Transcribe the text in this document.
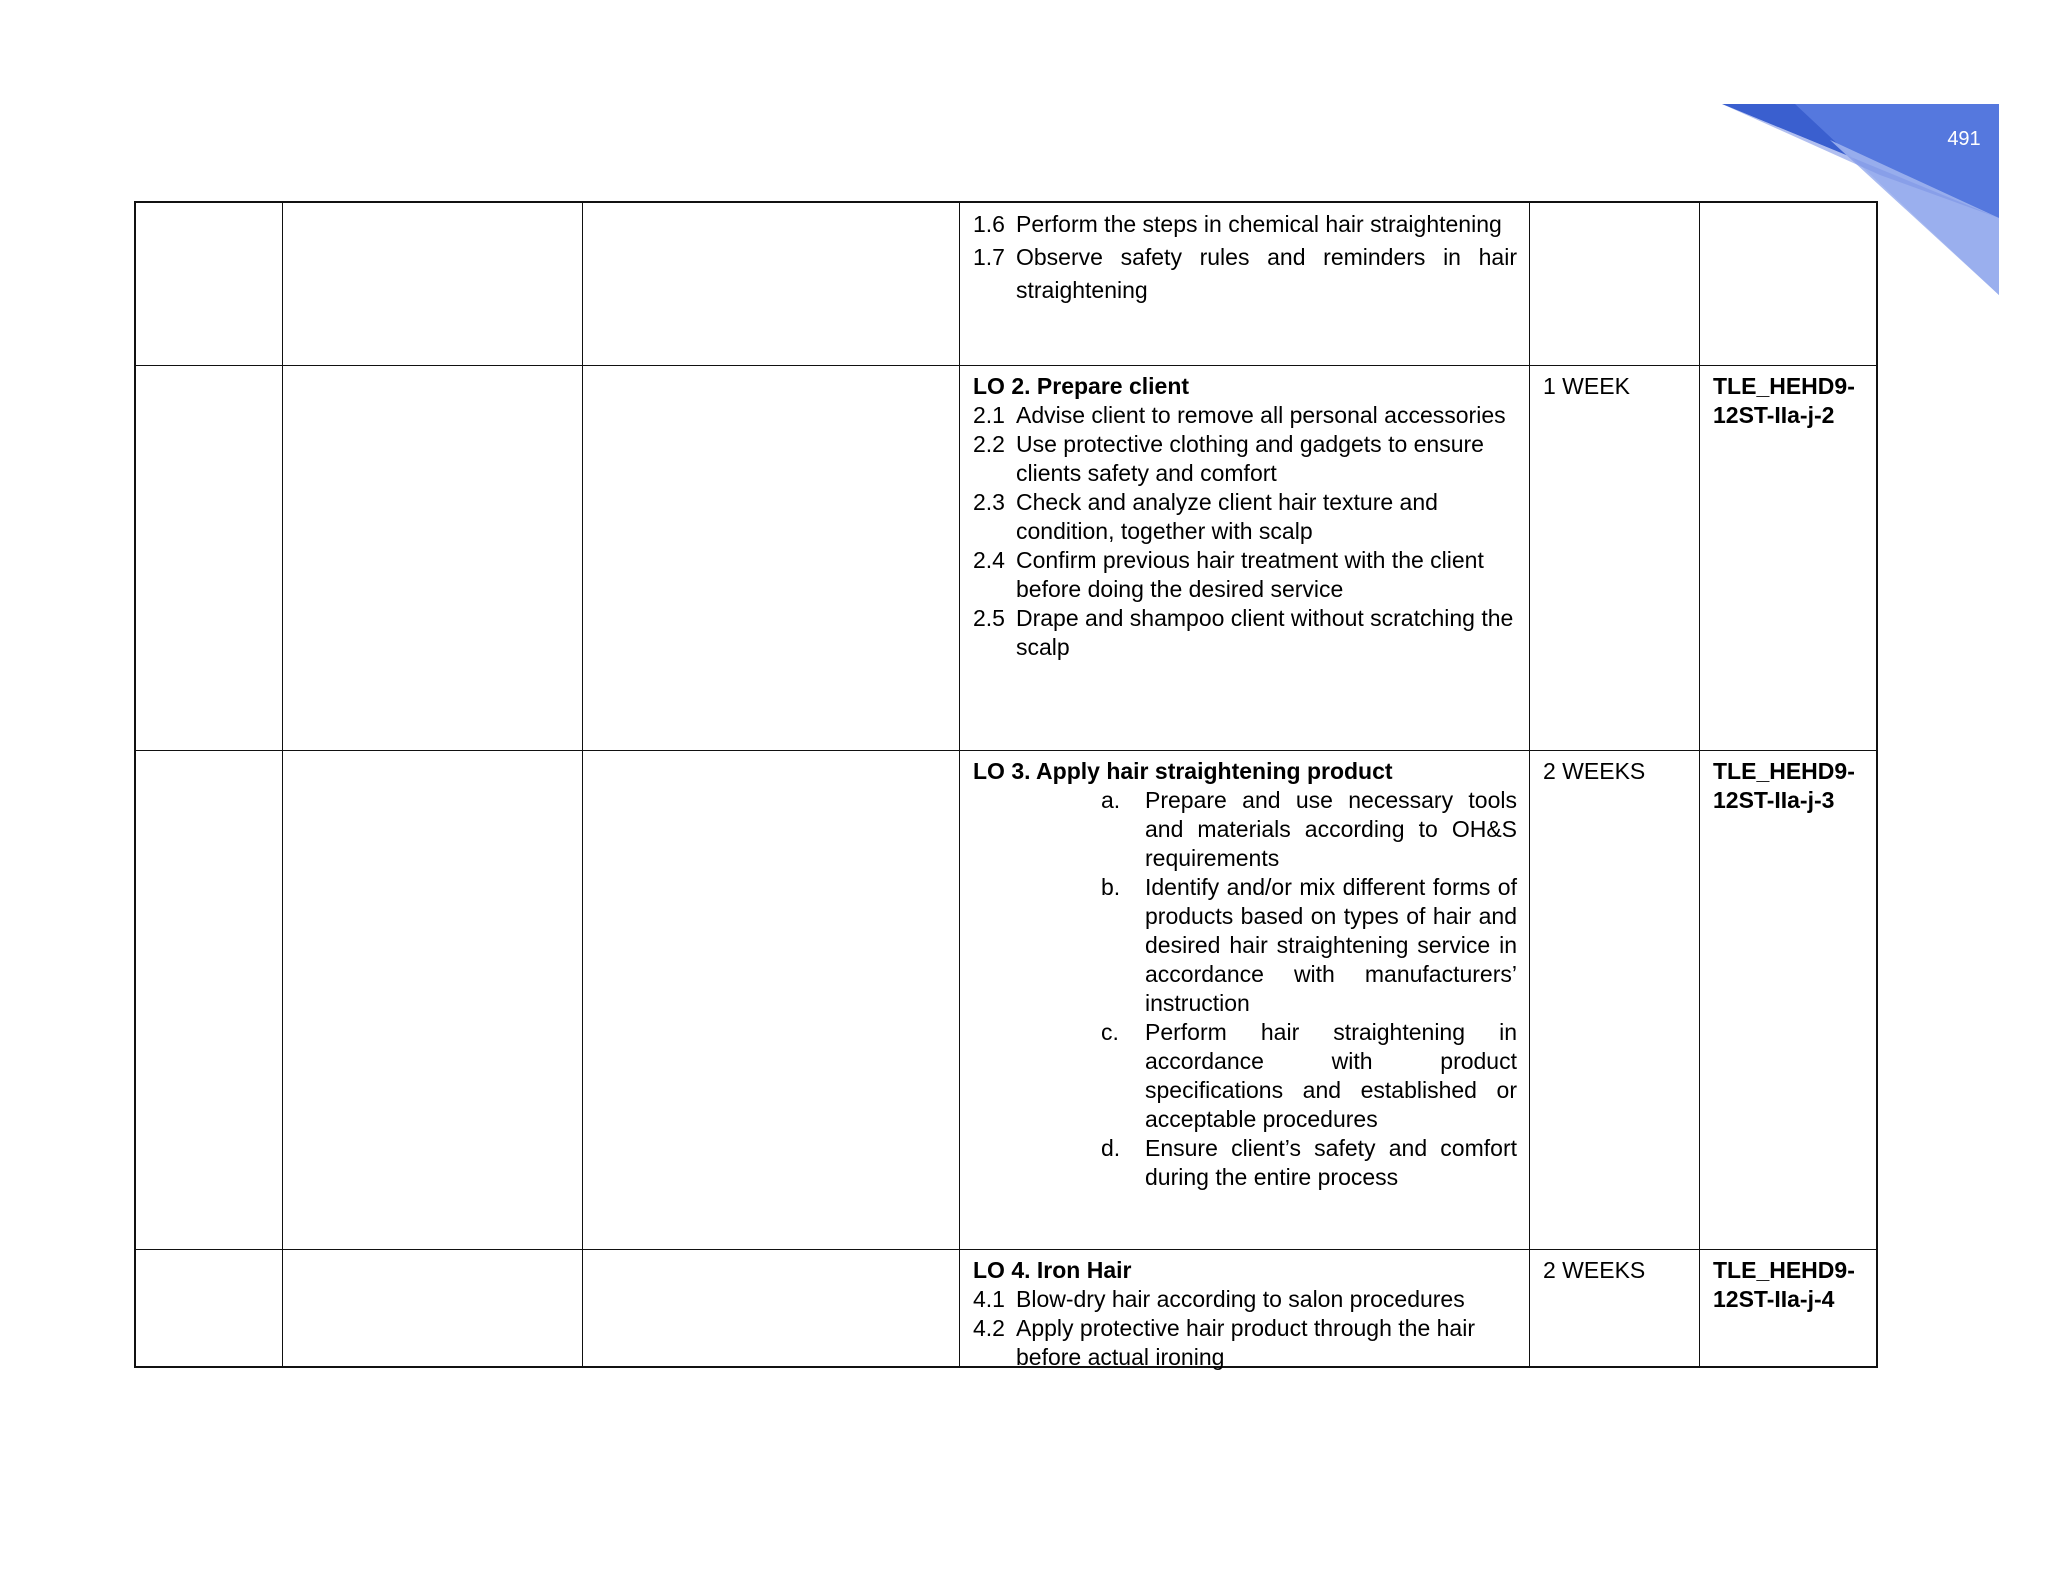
491
1.6 Perform the steps in chemical hair straightening
1.7 Observe safety rules and reminders in hair straightening
LO 2. Prepare client
2.1 Advise client to remove all personal accessories
2.2 Use protective clothing and gadgets to ensure clients safety and comfort
2.3 Check and analyze client hair texture and condition, together with scalp
2.4 Confirm previous hair treatment with the client before doing the desired service
2.5 Drape and shampoo client without scratching the scalp
1 WEEK	TLE_HEHD9-12ST-IIa-j-2
LO 3. Apply hair straightening product
a.	Prepare and use necessary tools and materials according to OH&S requirements
b.	Identify and/or mix different forms of products based on types of hair and desired hair straightening service in accordance with manufacturers’ instruction
c.	Perform hair straightening in accordance with product specifications and established or acceptable procedures
d.	Ensure client’s safety and comfort during the entire process
2 WEEKS	TLE_HEHD9-12ST-IIa-j-3
LO 4. Iron Hair
4.1 Blow-dry hair according to salon procedures
4.2 Apply protective hair product through the hair before actual ironing
2 WEEKS	TLE_HEHD9-12ST-IIa-j-4
